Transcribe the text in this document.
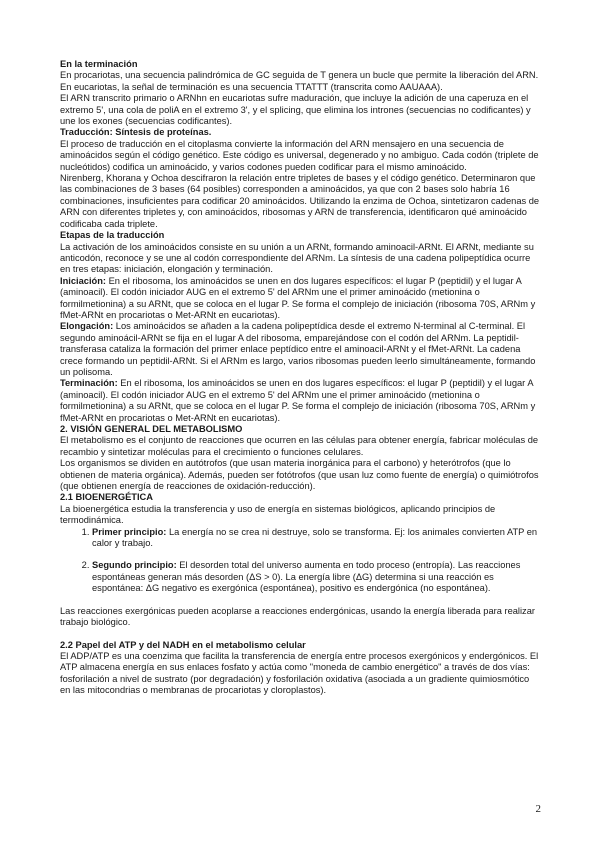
En la terminación

En procariotas, una secuencia palindrómica de GC seguida de T genera un bucle que permite la liberación del ARN. En eucariotas, la señal de terminación es una secuencia TTATTT (transcrita como AAUAAA).

El ARN transcrito primario o ARNhn en eucariotas sufre maduración, que incluye la adición de una caperuza en el extremo 5', una cola de poliA en el extremo 3', y el splicing, que elimina los intrones (secuencias no codificantes) y une los exones (secuencias codificantes).

Traducción: Síntesis de proteínas.

El proceso de traducción en el citoplasma convierte la información del ARN mensajero en una secuencia de aminoácidos según el código genético. Este código es universal, degenerado y no ambiguo. Cada codón (triplete de nucleótidos) codifica un aminoácido, y varios codones pueden codificar para el mismo aminoácido.

Nirenberg, Khorana y Ochoa descifraron la relación entre tripletes de bases y el código genético. Determinaron que las combinaciones de 3 bases (64 posibles) corresponden a aminoácidos, ya que con 2 bases solo habría 16 combinaciones, insuficientes para codificar 20 aminoácidos. Utilizando la enzima de Ochoa, sintetizaron cadenas de ARN con diferentes tripletes y, con aminoácidos, ribosomas y ARN de transferencia, identificaron qué aminoácido codificaba cada triplete.

Etapas de la traducción

La activación de los aminoácidos consiste en su unión a un ARNt, formando aminoacil-ARNt. El ARNt, mediante su anticodón, reconoce y se une al codón correspondiente del ARNm. La síntesis de una cadena polipeptídica ocurre en tres etapas: iniciación, elongación y terminación.

Iniciación: En el ribosoma, los aminoácidos se unen en dos lugares específicos: el lugar P (peptidil) y el lugar A (aminoacil). El codón iniciador AUG en el extremo 5' del ARNm une el primer aminoácido (metionina o formilmetionina) a su ARNt, que se coloca en el lugar P. Se forma el complejo de iniciación (ribosoma 70S, ARNm y fMet-ARNt en procariotas o Met-ARNt en eucariotas).

Elongación: Los aminoácidos se añaden a la cadena polipeptídica desde el extremo N-terminal al C-terminal. El segundo aminoácil-ARNt se fija en el lugar A del ribosoma, emparejándose con el codón del ARNm. La peptidil-transferasa cataliza la formación del primer enlace peptídico entre el aminoacil-ARNt y el fMet-ARNt. La cadena crece formando un peptidil-ARNt. Si el ARNm es largo, varios ribosomas pueden leerlo simultáneamente, formando un polisoma.

Terminación: En el ribosoma, los aminoácidos se unen en dos lugares específicos: el lugar P (peptidil) y el lugar A (aminoacil). El codón iniciador AUG en el extremo 5' del ARNm une el primer aminoácido (metionina o formilmetionina) a su ARNt, que se coloca en el lugar P. Se forma el complejo de iniciación (ribosoma 70S, ARNm y fMet-ARNt en procariotas o Met-ARNt en eucariotas).

2. VISIÓN GENERAL DEL METABOLISMO

El metabolismo es el conjunto de reacciones que ocurren en las células para obtener energía, fabricar moléculas de recambio y sintetizar moléculas para el crecimiento o funciones celulares.

Los organismos se dividen en autótrofos (que usan materia inorgánica para el carbono) y heterótrofos (que lo obtienen de materia orgánica). Además, pueden ser fotótrofos (que usan luz como fuente de energía) o quimiótrofos (que obtienen energía de reacciones de oxidación-reducción).

2.1 BIOENERGÉTICA

La bioenergética estudia la transferencia y uso de energía en sistemas biológicos, aplicando principios de termodinámica.

1. Primer principio: La energía no se crea ni destruye, solo se transforma. Ej: los animales convierten ATP en calor y trabajo.
2. Segundo principio: El desorden total del universo aumenta en todo proceso (entropía). Las reacciones espontáneas generan más desorden (ΔS > 0). La energía libre (ΔG) determina si una reacción es espontánea: ΔG negativo es exergónica (espontánea), positivo es endergónica (no espontánea).

Las reacciones exergónicas pueden acoplarse a reacciones endergónicas, usando la energía liberada para realizar trabajo biológico.

2.2 Papel del ATP y del NADH en el metabolismo celular

El ADP/ATP es una coenzima que facilita la transferencia de energía entre procesos exergónicos y endergónicos. El ATP almacena energía en sus enlaces fosfato y actúa como "moneda de cambio energético" a través de dos vías: fosforilación a nivel de sustrato (por degradación) y fosforilación oxidativa (asociada a un gradiente quimiosmótico en las mitocondrias o membranas de procariotas y cloroplastos).

2
